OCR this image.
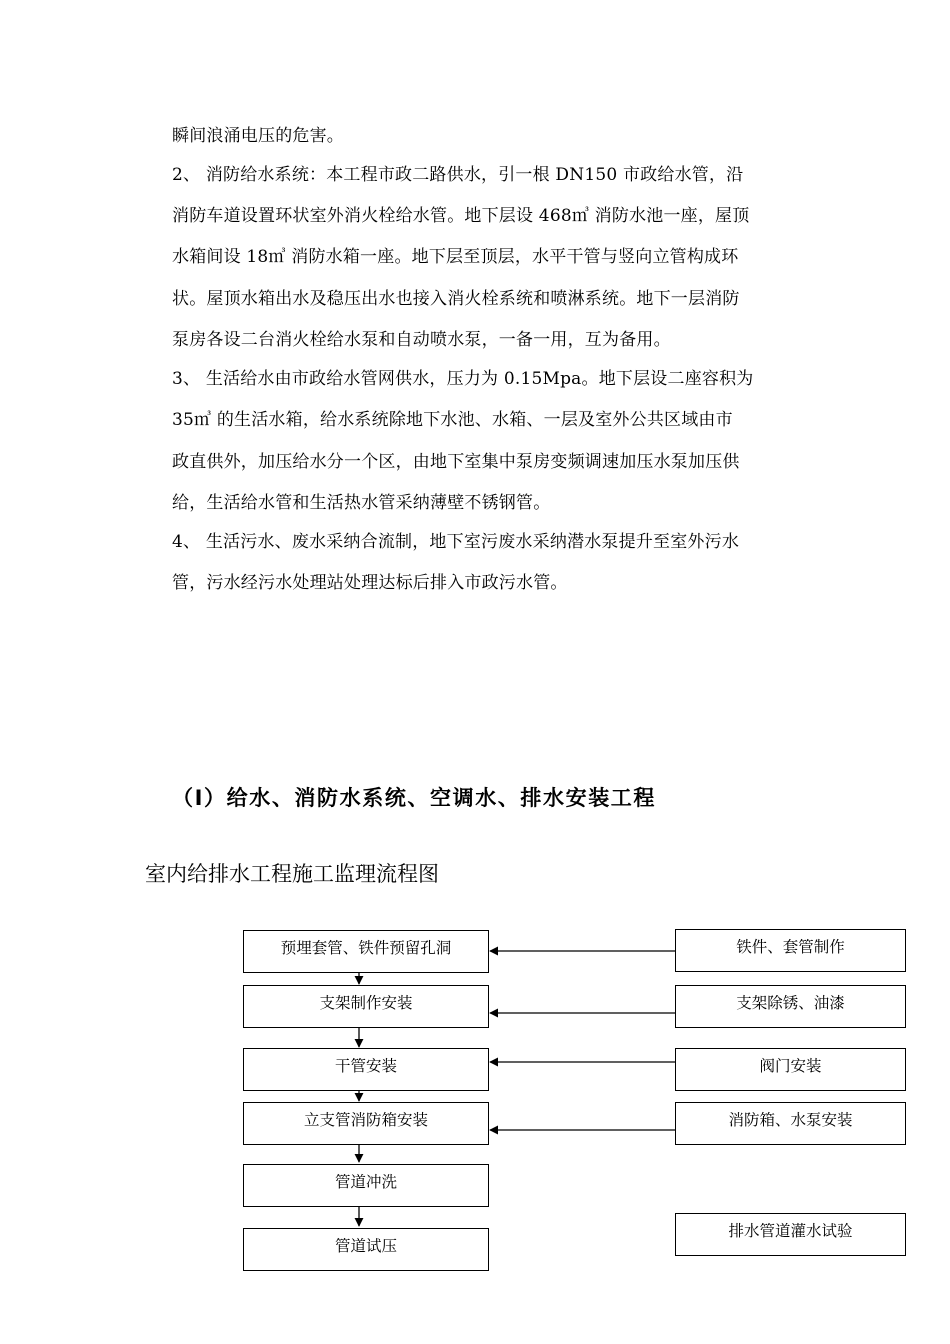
瞬间浪涌电压的危害。
2、 消防给水系统：本工程市政二路供水，引一根 DN150 市政给水管，沿
消防车道设置环状室外消火栓给水管。地下层设 468㎥ 消防水池一座，屋顶
水箱间设 18㎥ 消防水箱一座。地下层至顶层，水平干管与竖向立管构成环
状。屋顶水箱出水及稳压出水也接入消火栓系统和喷淋系统。地下一层消防
泵房各设二台消火栓给水泵和自动喷水泵，一备一用，互为备用。
3、 生活给水由市政给水管网供水，压力为 0.15Mpa。地下层设二座容积为
35㎥ 的生活水箱，给水系统除地下水池、水箱、一层及室外公共区域由市
政直供外，加压给水分一个区，由地下室集中泵房变频调速加压水泵加压供
给，生活给水管和生活热水管采纳薄壁不锈钢管。
4、 生活污水、废水采纳合流制，地下室污废水采纳潜水泵提升至室外污水
管，污水经污水处理站处理达标后排入市政污水管。
（Ⅰ）给水、消防水系统、空调水、排水安装工程
室内给排水工程施工监理流程图
预埋套管、铁件预留孔洞
支架制作安装
干管安装
立支管消防箱安装
管道冲洗
管道试压
铁件、套管制作
支架除锈、油漆
阀门安装
消防箱、水泵安装
排水管道灌水试验
